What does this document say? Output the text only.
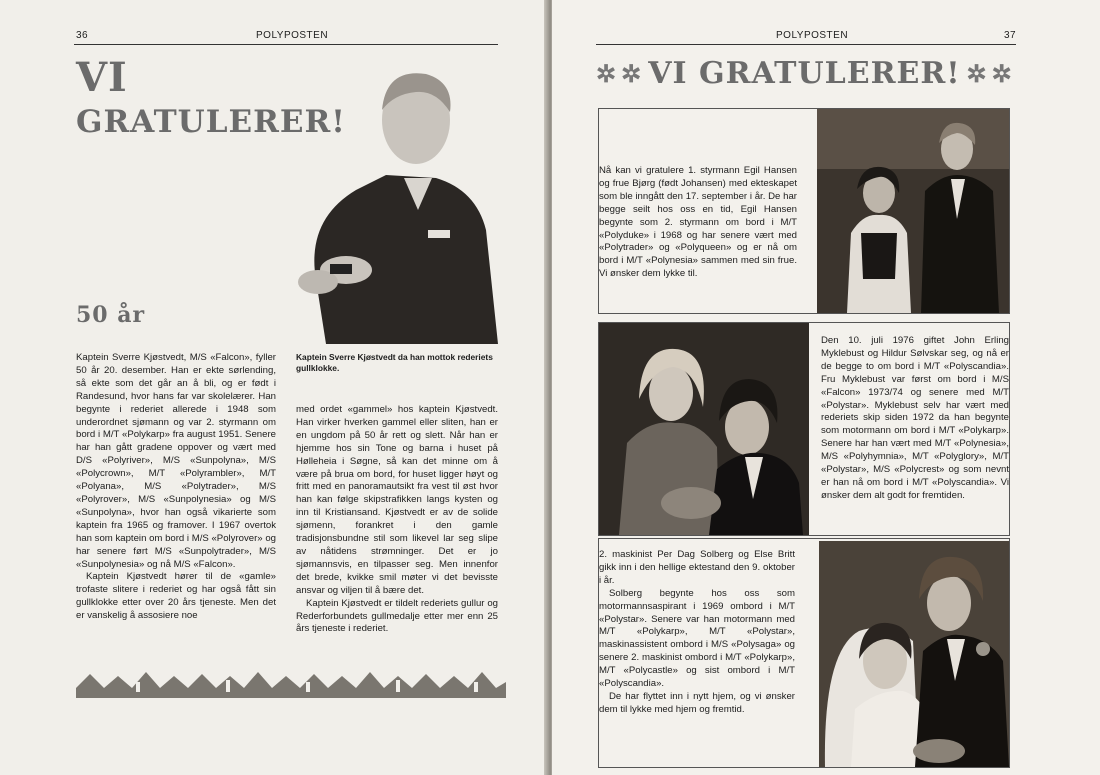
36	POLYPOSTEN
VI
GRATULERER!
50 år
Kaptein Sverre Kjøstvedt da han mottok rederiets gullklokke.

Kaptein Sverre Kjøstvedt, M/S «Falcon», fyller 50 år 20. desember. Han er ekte sørlending, så ekte som det går an å bli, og er født i Randesund, hvor hans far var skolelærer. Han begynte i rederiet allerede i 1948 som underordnet sjømann og var 2. styrmann om bord i M/T «Polykarp» fra august 1951. Senere har han gått gradene oppover og vært med D/S «Polyriver», M/S «Sunpolyna», M/S «Polycrown», M/T «Polyrambler», M/T «Polyana», M/S «Polytrader», M/S «Polyrover», M/S «Sunpolynesia» og M/S «Sunpolyna», hvor han også vikarierte som kaptein fra 1965 og framover. I 1967 overtok han som kaptein om bord i M/S «Polyrover» og har senere ført M/S «Sunpolytrader», M/S «Sunpolynesia» og nå M/S «Falcon».

Kaptein Kjøstvedt hører til de «gamle» trofaste slitere i rederiet og har også fått sin gullklokke etter over 20 års tjeneste. Men det er vanskelig å assosiere noe

med ordet «gammel» hos kaptein Kjøstvedt. Han virker hverken gammel eller sliten, han er en ungdom på 50 år rett og slett. Når han er hjemme hos sin Tone og barna i huset på Hølleheia i Søgne, så kan det minne om å være på brua om bord, for huset ligger høyt og fritt med en panoramautsikt fra vest til øst hvor han kan følge skipstrafikken langs kysten og inn til Kristiansand. Kjøstvedt er av de solide sjømenn, forankret i den gamle tradisjonsbundne stil som likevel lar seg slipe av nåtidens strømninger. Det er jo sjømannsvis, en tilpasser seg. Men innenfor det brede, kvikke smil møter vi det bevisste ansvar og viljen til å bære det.

Kaptein Kjøstvedt er tildelt rederiets gullur og Rederforbundets gullmedalje etter mer enn 25 års tjeneste i rederiet.

POLYPOSTEN	37
✲ ✲ VI GRATULERER! ✲ ✲
Nå kan vi gratulere 1. styrmann Egil Hansen og frue Bjørg (født Johansen) med ekteskapet som ble inngått den 17. september i år. De har begge seilt hos oss en tid, Egil Hansen begynte som 2. styrmann om bord i M/T «Polyduke» i 1968 og har senere vært med «Polytrader» og «Polyqueen» og er nå om bord i M/T «Polynesia» sammen med sin frue. Vi ønsker dem lykke til.
Den 10. juli 1976 giftet John Erling Myklebust og Hildur Sølvskar seg, og nå er de begge to om bord i M/T «Polyscandia». Fru Myklebust var først om bord i M/S «Falcon» 1973/74 og senere med M/T «Polystar». Myklebust selv har vært med rederiets skip siden 1972 da han begynte som motormann om bord i M/T «Polykarp». Senere har han vært med M/T «Polynesia», M/S «Polyhymnia», M/T «Polyglory», M/T «Polystar», M/S «Polycrest» og som nevnt er han nå om bord i M/T «Polyscandia». Vi ønsker dem alt godt for fremtiden.

2. maskinist Per Dag Solberg og Else Britt gikk inn i den hellige ektestand den 9. oktober i år.

Solberg begynte hos oss som motormannsaspirant i 1969 ombord i M/T «Polystar». Senere var han motormann med M/T «Polykarp», M/T «Polystar», maskinassistent ombord i M/S «Polysaga» og senere 2. maskinist ombord i M/T «Polykarp», M/T «Polycastle» og sist ombord i M/T «Polyscandia».

De har flyttet inn i nytt hjem, og vi ønsker dem til lykke med hjem og fremtid.
